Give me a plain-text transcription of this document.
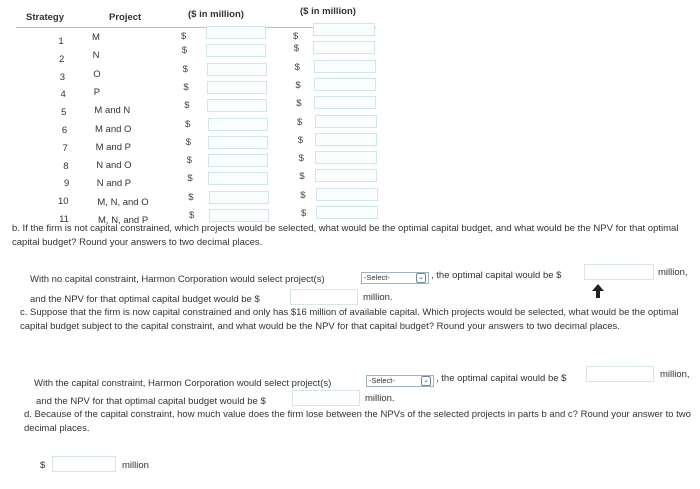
Strategy	Project	($ in million)	($ in million)
1	M	$	$
2	N	$	$
3	O	$	$
4	P	$	$
5	M and N	$	$
6	M and O	$	$
7	M and P	$	$
8	N and O	$	$
9	N and P	$	$
10	M, N, and O	$	$
11	M, N, and P	$	$
b. If the firm is not capital constrained, which projects would be selected, what would be the optimal capital budget, and what would be the NPV for that optimal capital budget? Round your answers to two decimal places.
With no capital constraint, Harmon Corporation would select project(s)	-Select-	⌄ , the optimal capital would be $	million,
and the NPV for that optimal capital budget would be $	million.
c. Suppose that the firm is now capital constrained and only has $16 million of available capital. Which projects would be selected, what would be the optimal capital budget subject to the capital constraint, and what would be the NPV for that capital budget? Round your answers to two decimal places.
With the capital constraint, Harmon Corporation would select project(s)	-Select-	⌄ , the optimal capital would be $	million,
and the NPV for that optimal capital budget would be $	million.
d. Because of the capital constraint, how much value does the firm lose between the NPVs of the selected projects in parts b and c? Round your answer to two decimal places.
$	million
